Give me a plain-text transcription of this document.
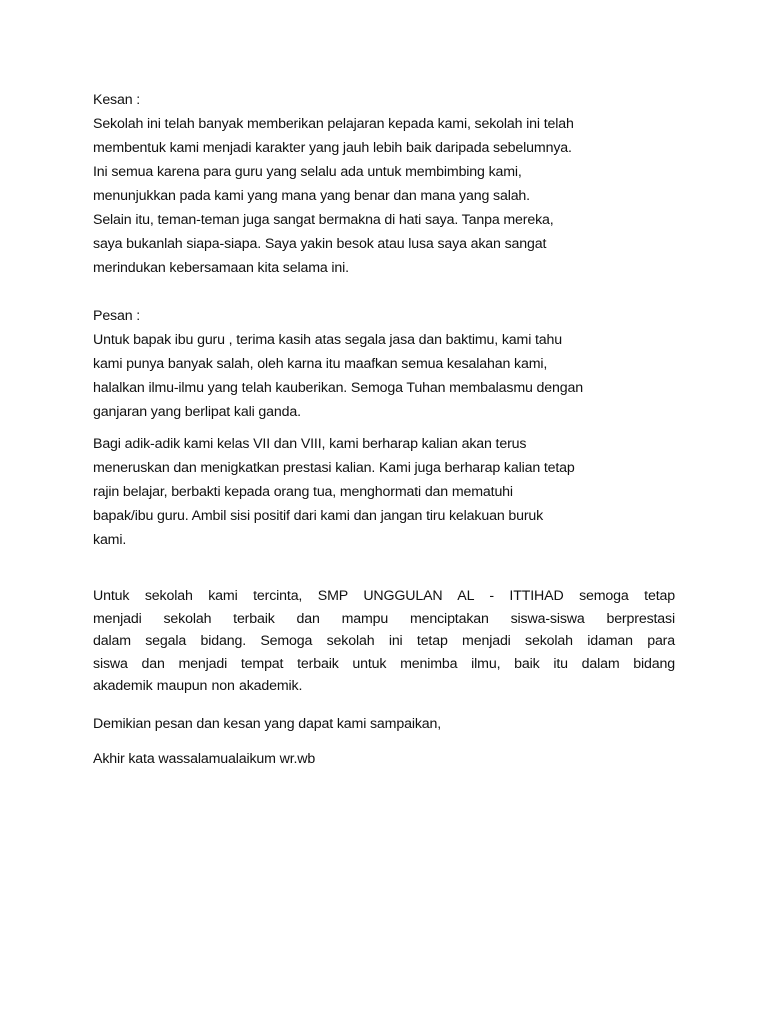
Kesan :
Sekolah ini telah banyak memberikan pelajaran kepada kami, sekolah ini telah
membentuk kami menjadi karakter yang jauh lebih baik daripada sebelumnya.
Ini semua karena para guru yang selalu ada untuk membimbing kami,
menunjukkan pada kami yang mana yang benar dan mana yang salah.
Selain itu, teman-teman juga sangat bermakna di hati saya. Tanpa mereka,
saya bukanlah siapa-siapa. Saya yakin besok atau lusa saya akan sangat
merindukan kebersamaan kita selama ini.
Pesan :
Untuk bapak ibu guru , terima kasih atas segala jasa dan baktimu, kami tahu
kami punya banyak salah, oleh karna itu maafkan semua kesalahan kami,
halalkan ilmu-ilmu yang telah kauberikan. Semoga Tuhan membalasmu dengan
ganjaran yang berlipat kali ganda.
Bagi adik-adik kami kelas VII dan VIII, kami berharap kalian akan terus
meneruskan dan menigkatkan prestasi kalian. Kami juga berharap kalian tetap
rajin belajar, berbakti kepada orang tua, menghormati dan mematuhi
bapak/ibu guru. Ambil sisi positif dari kami dan jangan tiru kelakuan buruk
kami.
Untuk sekolah kami tercinta, SMP UNGGULAN AL - ITTIHAD semoga tetap
menjadi sekolah terbaik dan mampu menciptakan siswa-siswa berprestasi
dalam segala bidang. Semoga sekolah ini tetap menjadi sekolah idaman para
siswa dan menjadi tempat terbaik untuk menimba ilmu, baik itu dalam bidang
akademik maupun non akademik.
Demikian pesan dan kesan yang dapat kami sampaikan,
Akhir kata wassalamualaikum wr.wb
